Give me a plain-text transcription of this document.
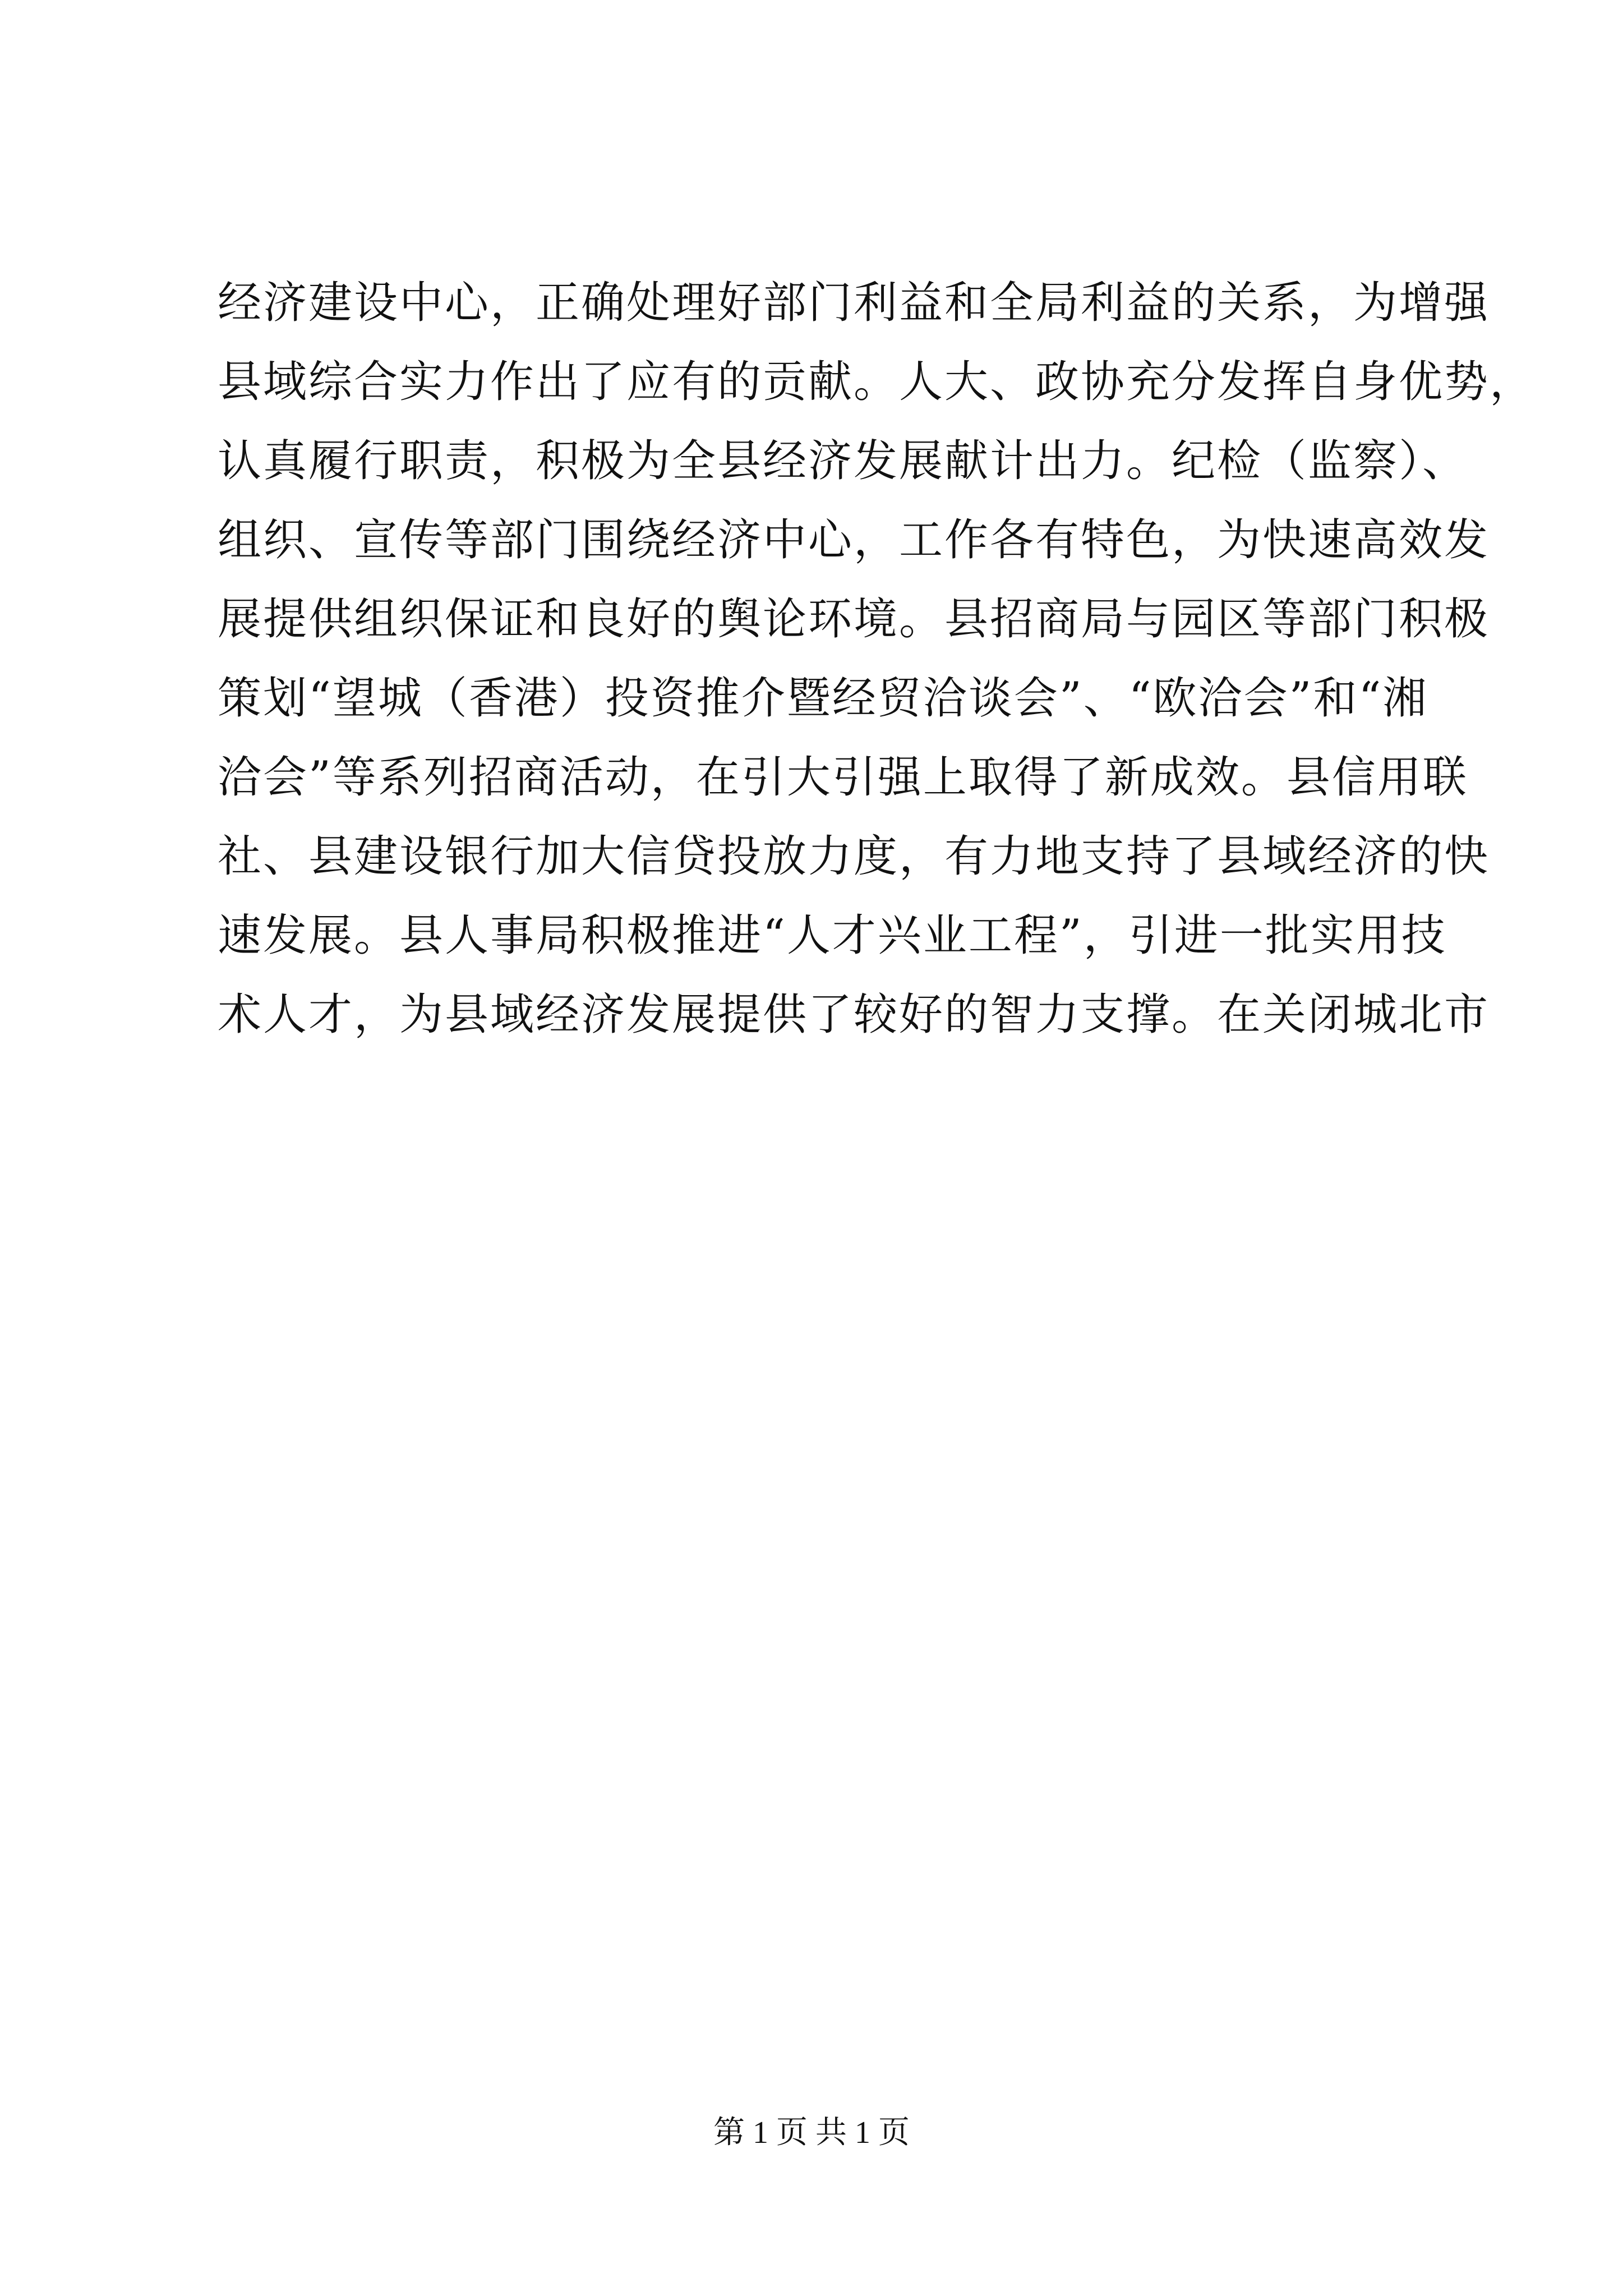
经济建设中心，正确处理好部门利益和全局利益的关系，为增强
县域综合实力作出了应有的贡献。人大、政协充分发挥自身优势，
认真履行职责，积极为全县经济发展献计出力。纪检（监察）、
组织、宣传等部门围绕经济中心，工作各有特色，为快速高效发
展提供组织保证和良好的舆论环境。县招商局与园区等部门积极
策划“望城（香港）投资推介暨经贸洽谈会”、“欧洽会”和“湘
洽会”等系列招商活动，在引大引强上取得了新成效。县信用联
社、县建设银行加大信贷投放力度，有力地支持了县域经济的快
速发展。县人事局积极推进“人才兴业工程”，引进一批实用技
术人才，为县域经济发展提供了较好的智力支撑。在关闭城北市
第 1 页 共 1 页
